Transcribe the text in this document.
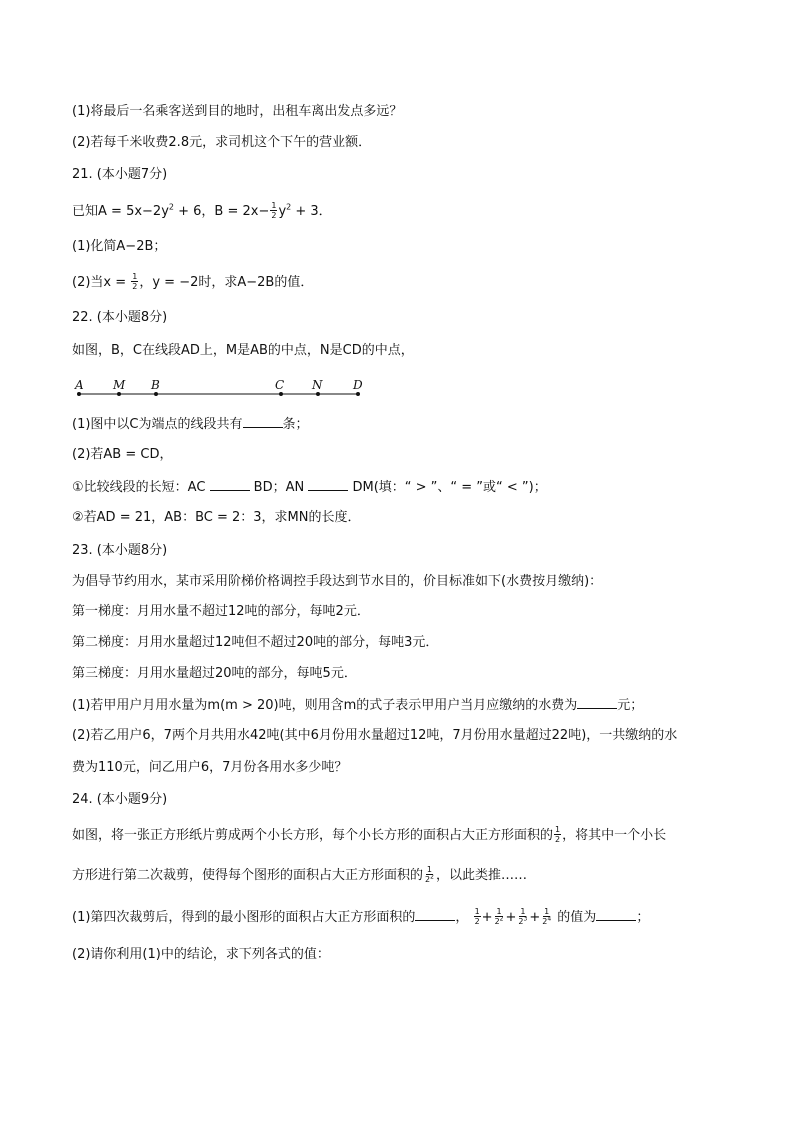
(1)将最后一名乘客送到目的地时，出租车离出发点多远？
(2)若每千米收费2.8元，求司机这个下午的营业额．
21. (本小题7分)
已知$A = 5x-2y^2 + 6$，$B = 2x- \frac{1}{2} y^2 + 3$．
(1)化简A−2B；
(2)当$x = \frac{1}{2}$ ，y = −2时，求A−2B的值．
22. (本小题8分)
如图，B，C在线段AD上，M是AB的中点，N是CD的中点，
A M B	C N	D
(1)图中以C为端点的线段共有	条；
(2)若AB = CD，
①比较线段的长短：AC	BD；AN	DM(填：“ > ”、“ = ”或“ < ”)；
②若AD = 21，AB：BC = 2：3，求MN的长度．
23. (本小题8分)
为倡导节约用水，某市采用阶梯价格调控手段达到节水目的，价目标准如下(水费按月缴纳)：
第一梯度：月用水量不超过12吨的部分，每吨2元．
第二梯度：月用水量超过12吨但不超过20吨的部分，每吨3元．
第三梯度：月用水量超过20吨的部分，每吨5元．
(1)若甲用户月用水量为m(m > 20)吨，则用含m的式子表示甲用户当月应缴纳的水费为	元；
(2)若乙用户6，7两个月共用水42吨(其中6月份用水量超过12吨，7月份用水量超过22吨)，一共缴纳的水
费为110元，问乙用户6，7月份各用水多少吨？
24. (本小题9分)
如图，将一张正方形纸片剪成两个小长方形，每个小长方形的面积占大正方形面积的 $\frac{1}{2}$ ，将其中一个小长
方形进行第二次裁剪，使得每个图形的面积占大正方形面积的 $\frac{1}{2^2}$ ，以此类推……
(1)第四次裁剪后，得到的最小图形的面积占大正方形面积的	， $\frac{1}{2} + \frac{1}{2^2} + \frac{1}{2^3} + \frac{1}{2^4}$ 的值为	；
(2)请你利用(1)中的结论，求下列各式的值：
